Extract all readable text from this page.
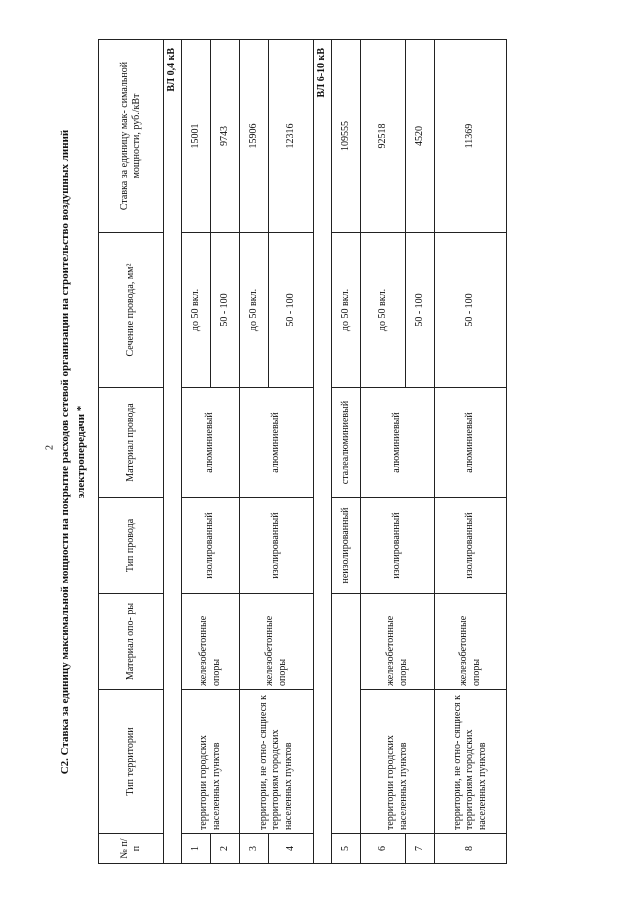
2 С2. Ставка за единицу максимальной мощности на покрытие расходов сетевой организации на строительство воздушных линий электропередачи *

№ п/п	Тип территории	Материал опо- ры	Тип провода	Материал провода	Сечение провода, мм²	Ставка за единицу мак- симальной мощности, руб./кВт
ВЛ 0,4 кВ						
1	территории городских населенных пунктов	железобетонные опоры	изолированный	алюминиевый	до 50 вкл.	15001
2					50 - 100	9743
3	территории, не отно- сящиеся к территориям городских населенных пунктов	железобетонные опоры	изолированный	алюминиевый	до 50 вкл.	15906
4					50 - 100	12316
ВЛ 6-10 кВ						
5			неизолированный	сталеалюминиевый	до 50 вкл.	109555
6	территории городских населенных пунктов	железобетонные опоры	изолированный	алюминиевый	до 50 вкл.	92518
7					50 - 100	4520
8	территории, не отно- сящиеся к территориям городских населенных пунктов	железобетонные опоры	изолированный	алюминиевый	50 - 100	11369
